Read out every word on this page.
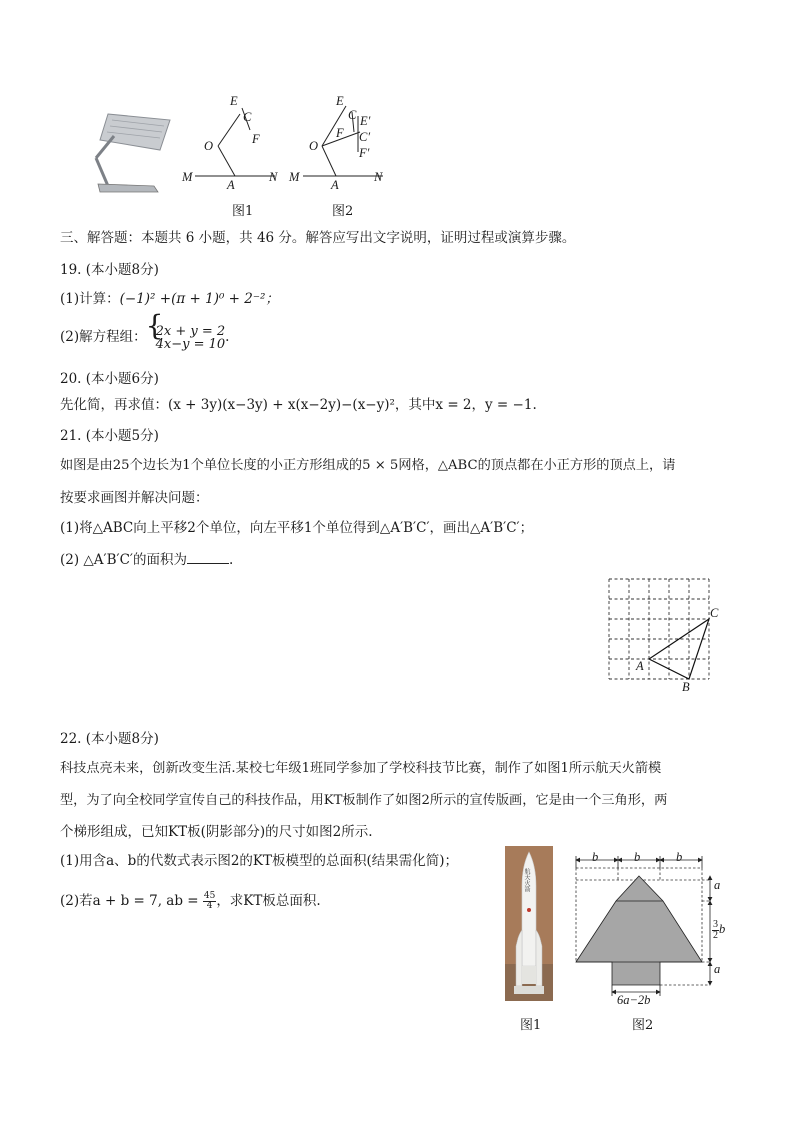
E
C
F
O
M
A
N
E
C E′
F C′
O	F′
M
A
N
图1	图2
三、解答题：本题共 6 小题，共 46 分。解答应写出文字说明，证明过程或演算步骤。
19. (本小题8分)
(1)计算：(−1)² +(π + 1)⁰ + 2⁻²；
(2)解方程组：
{ 2x + y = 2
4x−y = 10 .
20. (本小题6分)
先化简，再求值：(x + 3y)(x−3y) + x(x−2y)−(x−y)²，其中x = 2，y = −1.
21. (本小题5分)
如图是由25个边长为1个单位长度的小正方形组成的5 × 5网格，△ABC的顶点都在小正方形的顶点上，请
按要求画图并解决问题：
(1)将△ABC向上平移2个单位，向左平移1个单位得到△A′B′C′，画出△A′B′C′；
(2) △A′B′C′的面积为	.
A
B
C
22. (本小题8分)
科技点亮未来，创新改变生活.某校七年级1班同学参加了学校科技节比赛，制作了如图1所示航天火箭模
型，为了向全校同学宣传自己的科技作品，用KT板制作了如图2所示的宣传版画，它是由一个三角形，两
个梯形组成，已知KT板(阴影部分)的尺寸如图2所示.
(1)用含a、b的代数式表示图2的KT板模型的总面积(结果需化简)；
(2)若a + b = 7, ab = $\frac{45}{4}$ ，求KT板总面积.
航天火箭
b	b	b
a
$\frac{3}{2}$ b
a
6a−2b
图1	图2
